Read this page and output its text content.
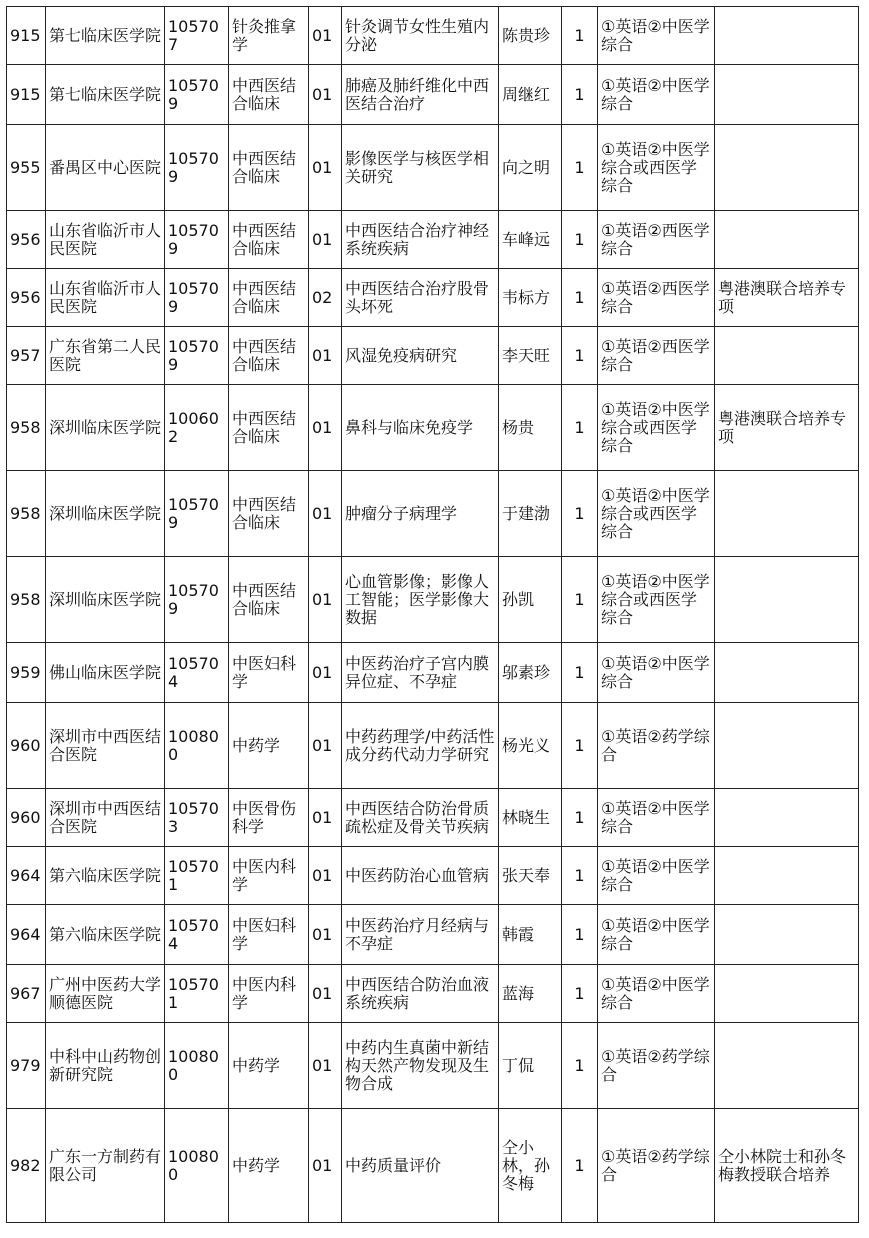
915	第七临床医学院	105707	针灸推拿学	01	针灸调节女性生殖内分泌	陈贵珍	1	①英语②中医学综合	
915	第七临床医学院	105709	中西医结合临床	01	肺癌及肺纤维化中西医结合治疗	周继红	1	①英语②中医学综合	
955	番禺区中心医院	105709	中西医结合临床	01	影像医学与核医学相关研究	向之明	1	①英语②中医学综合或西医学综合	
956	山东省临沂市人民医院	105709	中西医结合临床	01	中西医结合治疗神经系统疾病	车峰远	1	①英语②西医学综合	
956	山东省临沂市人民医院	105709	中西医结合临床	02	中西医结合治疗股骨头坏死	韦标方	1	①英语②西医学综合	粤港澳联合培养专项
957	广东省第二人民医院	105709	中西医结合临床	01	风湿免疫病研究	李天旺	1	①英语②西医学综合	
958	深圳临床医学院	100602	中西医结合临床	01	鼻科与临床免疫学	杨贵	1	①英语②中医学综合或西医学综合	粤港澳联合培养专项
958	深圳临床医学院	105709	中西医结合临床	01	肿瘤分子病理学	于建渤	1	①英语②中医学综合或西医学综合	
958	深圳临床医学院	105709	中西医结合临床	01	心血管影像；影像人工智能；医学影像大数据	孙凯	1	①英语②中医学综合或西医学综合	
959	佛山临床医学院	105704	中医妇科学	01	中医药治疗子宫内膜异位症、不孕症	邬素珍	1	①英语②中医学综合	
960	深圳市中西医结合医院	100800	中药学	01	中药药理学/中药活性成分药代动力学研究	杨光义	1	①英语②药学综合	
960	深圳市中西医结合医院	105703	中医骨伤科学	01	中西医结合防治骨质疏松症及骨关节疾病	林晓生	1	①英语②中医学综合	
964	第六临床医学院	105701	中医内科学	01	中医药防治心血管病	张天奉	1	①英语②中医学综合	
964	第六临床医学院	105704	中医妇科学	01	中医药治疗月经病与不孕症	韩霞	1	①英语②中医学综合	
967	广州中医药大学顺德医院	105701	中医内科学	01	中西医结合防治血液系统疾病	蓝海	1	①英语②中医学综合	
979	中科中山药物创新研究院	100800	中药学	01	中药内生真菌中新结构天然产物发现及生物合成	丁侃	1	①英语②药学综合	
982	广东一方制药有限公司	100800	中药学	01	中药质量评价	仝小林，孙冬梅	1	①英语②药学综合	仝小林院士和孙冬梅教授联合培养
